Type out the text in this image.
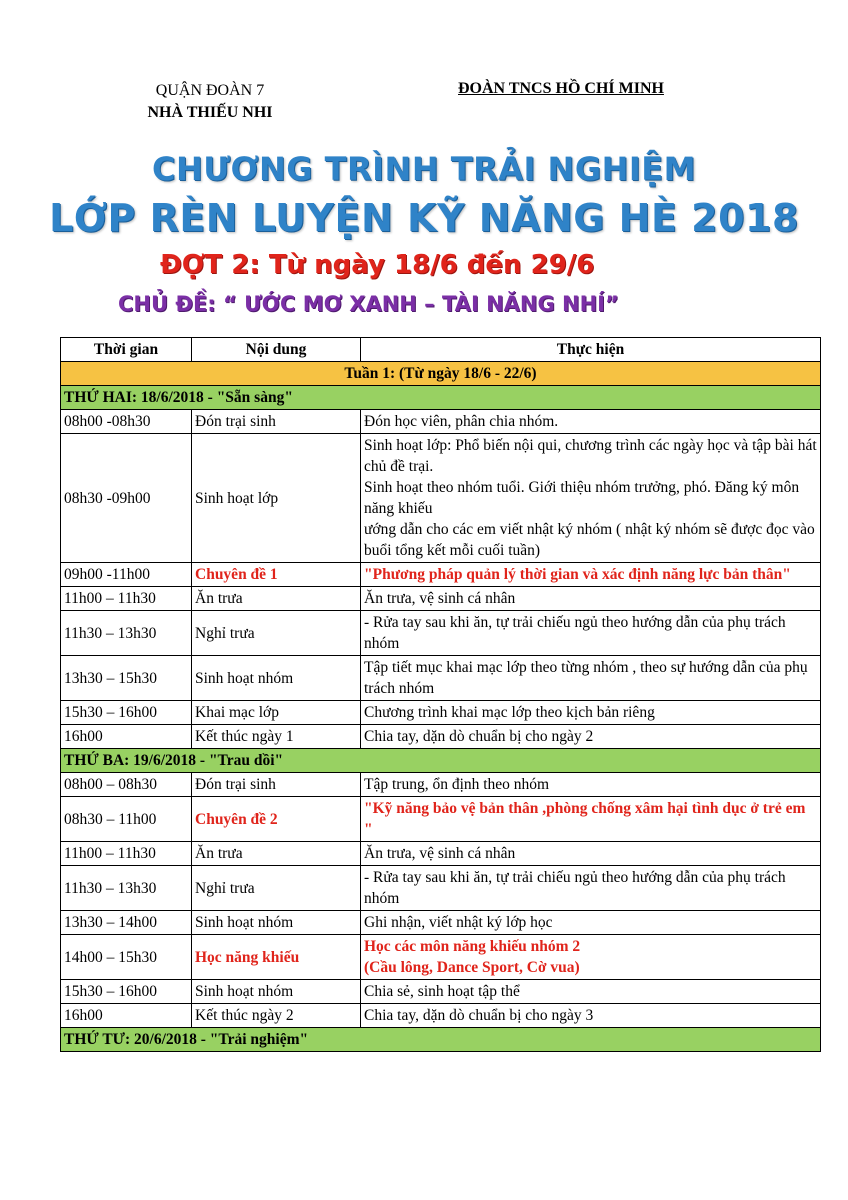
QUẬN ĐOÀN 7
NHÀ THIẾU NHI
ĐOÀN TNCS HỒ CHÍ MINH
CHƯƠNG TRÌNH TRẢI NGHIỆM
LỚP RÈN LUYỆN KỸ NĂNG HÈ 2018
ĐỢT 2: Từ ngày 18/6 đến 29/6
CHỦ ĐỀ: “ ƯỚC MƠ XANH – TÀI NĂNG NHÍ”
Thời gian	Nội dung	Thực hiện
Tuần 1: (Từ ngày 18/6 - 22/6)		
THỨ HAI: 18/6/2018 - "Sẵn sàng"		
08h00 -08h30	Đón trại sinh	Đón học viên, phân chia nhóm.
08h30 -09h00	Sinh hoạt lớp	Sinh hoạt lớp: Phổ biến nội qui, chương trình các ngày học và tập bài hát chủ đề trại.
Sinh hoạt theo nhóm tuổi. Giới thiệu nhóm trưởng, phó. Đăng ký môn năng khiếu
ướng dẫn cho các em viết nhật ký nhóm ( nhật ký nhóm sẽ được đọc vào buổi tổng kết mỗi cuối tuần)
09h00 -11h00	Chuyên đề 1	"Phương pháp quản lý thời gian và xác định năng lực bản thân"
11h00 – 11h30	Ăn trưa	Ăn trưa, vệ sinh cá nhân
11h30 – 13h30	Nghỉ trưa	- Rửa tay sau khi ăn, tự trải chiếu ngủ theo hướng dẫn của phụ trách nhóm
13h30 – 15h30	Sinh hoạt nhóm	Tập tiết mục khai mạc lớp theo từng nhóm , theo sự hướng dẫn của phụ trách nhóm
15h30 – 16h00	Khai mạc lớp	Chương trình khai mạc lớp theo kịch bản riêng
16h00	Kết thúc ngày 1	Chia tay, dặn dò chuẩn bị cho ngày 2
THỨ BA: 19/6/2018 - "Trau dồi"		
08h00 – 08h30	Đón trại sinh	Tập trung, ổn định theo nhóm
08h30 – 11h00	Chuyên đề 2	"Kỹ năng bảo vệ bản thân ,phòng chống xâm hại tình dục ở trẻ em "
11h00 – 11h30	Ăn trưa	Ăn trưa, vệ sinh cá nhân
11h30 – 13h30	Nghỉ trưa	- Rửa tay sau khi ăn, tự trải chiếu ngủ theo hướng dẫn của phụ trách nhóm
13h30 – 14h00	Sinh hoạt nhóm	Ghi nhận, viết nhật ký lớp học
14h00 – 15h30	Học năng khiếu	Học các môn năng khiếu nhóm 2
(Cầu lông, Dance Sport, Cờ vua)
15h30 – 16h00	Sinh hoạt nhóm	Chia sẻ, sinh hoạt tập thể
16h00	Kết thúc ngày 2	Chia tay, dặn dò chuẩn bị cho ngày 3
THỨ TƯ: 20/6/2018 - "Trải nghiệm"		
